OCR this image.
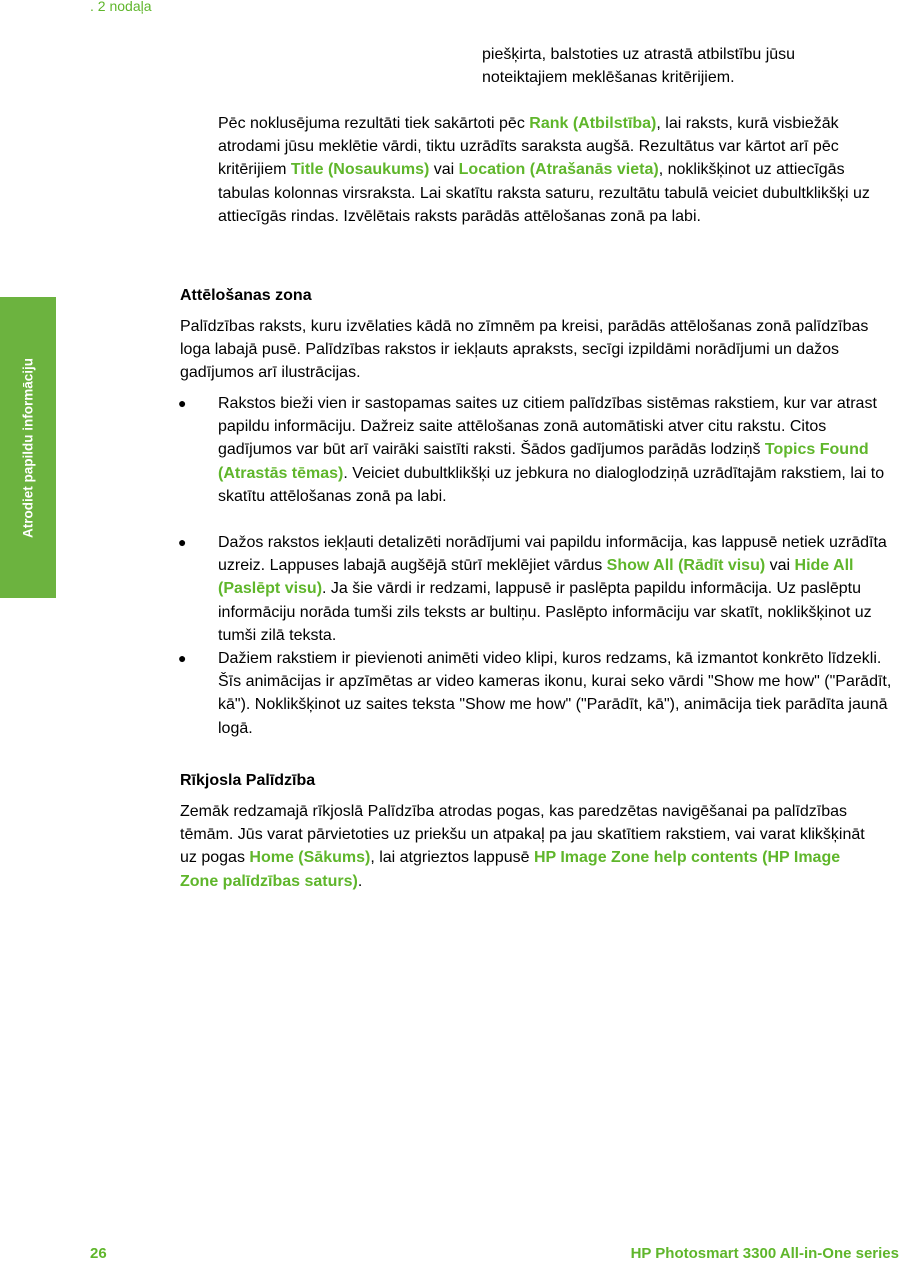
. 2 nodaļa
Atrodiet papildu informāciju

piešķirta, balstoties uz atrastā atbilstību jūsu
noteiktajiem meklēšanas kritērijiem.

Pēc noklusējuma rezultāti tiek sakārtoti pēc Rank (Atbilstība), lai raksts, kurā visbiežāk atrodami jūsu meklētie vārdi, tiktu uzrādīts saraksta augšā. Rezultātus var kārtot arī pēc kritērijiem Title (Nosaukums) vai Location (Atrašanās vieta), noklikšķinot uz attiecīgās tabulas kolonnas virsraksta. Lai skatītu raksta saturu, rezultātu tabulā veiciet dubultklikšķi uz attiecīgās rindas. Izvēlētais raksts parādās attēlošanas zonā pa labi.

Attēlošanas zona

Palīdzības raksts, kuru izvēlaties kādā no zīmnēm pa kreisi, parādās attēlošanas zonā palīdzības loga labajā pusē. Palīdzības rakstos ir iekļauts apraksts, secīgi izpildāmi norādījumi un dažos gadījumos arī ilustrācijas.

● Rakstos bieži vien ir sastopamas saites uz citiem palīdzības sistēmas rakstiem, kur var atrast papildu informāciju. Dažreiz saite attēlošanas zonā automātiski atver citu rakstu. Citos gadījumos var būt arī vairāki saistīti raksti. Šādos gadījumos parādās lodziņš Topics Found (Atrastās tēmas). Veiciet dubultklikšķi uz jebkura no dialoglodziņā uzrādītajām rakstiem, lai to skatītu attēlošanas zonā pa labi.

● Dažos rakstos iekļauti detalizēti norādījumi vai papildu informācija, kas lappusē netiek uzrādīta uzreiz. Lappuses labajā augšējā stūrī meklējiet vārdus Show All (Rādīt visu) vai Hide All (Paslēpt visu). Ja šie vārdi ir redzami, lappusē ir paslēpta papildu informācija. Uz paslēptu informāciju norāda tumši zils teksts ar bultiņu. Paslēpto informāciju var skatīt, noklikšķinot uz tumši zilā teksta.

● Dažiem rakstiem ir pievienoti animēti video klipi, kuros redzams, kā izmantot konkrēto līdzekli. Šīs animācijas ir apzīmētas ar video kameras ikonu, kurai seko vārdi "Show me how" ("Parādīt, kā"). Noklikšķinot uz saites teksta "Show me how" ("Parādīt, kā"), animācija tiek parādīta jaunā logā.

Rīkjosla Palīdzība

Zemāk redzamajā rīkjoslā Palīdzība atrodas pogas, kas paredzētas navigēšanai pa palīdzības tēmām. Jūs varat pārvietoties uz priekšu un atpakaļ pa jau skatītiem rakstiem, vai varat klikšķināt uz pogas Home (Sākums), lai atgrieztos lappusē HP Image Zone help contents (HP Image Zone palīdzības saturs).

26	HP Photosmart 3300 All-in-One series
